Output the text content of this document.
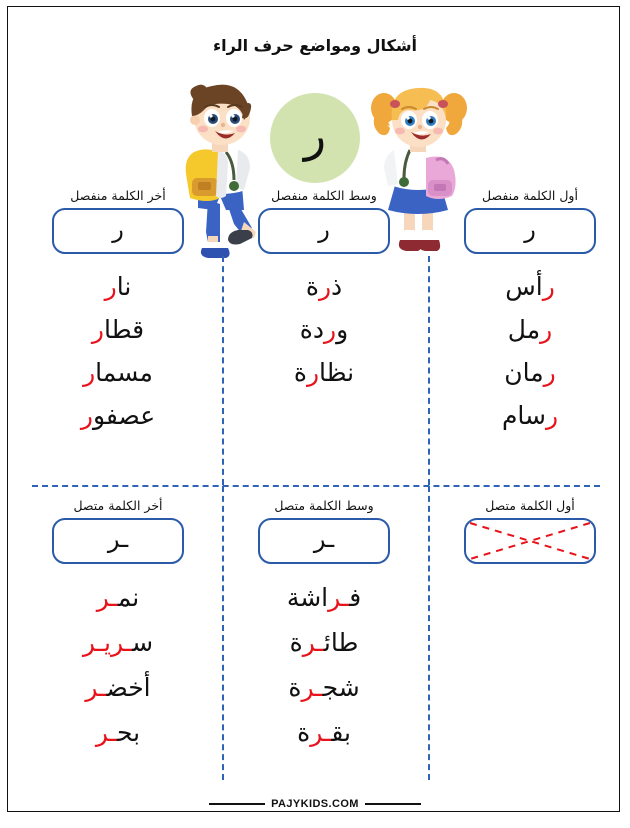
أشكال ومواضع حرف الراء
ر
أول الكلمة منفصل
ر
رأس
رمل
رمان
رسام
وسط الكلمة منفصل
ر
ذرة
وردة
نظارة
أخر الكلمة منفصل
ر
نار
قطار
مسمار
عصفور
أول الكلمة متصل
وسط الكلمة متصل
ـر
فـراشة
طائـرة
شجـرة
بقـرة
أخر الكلمة متصل
ـر
نمـر
سـريـر
أخضـر
بحـر
PAJYKIDS.COM
